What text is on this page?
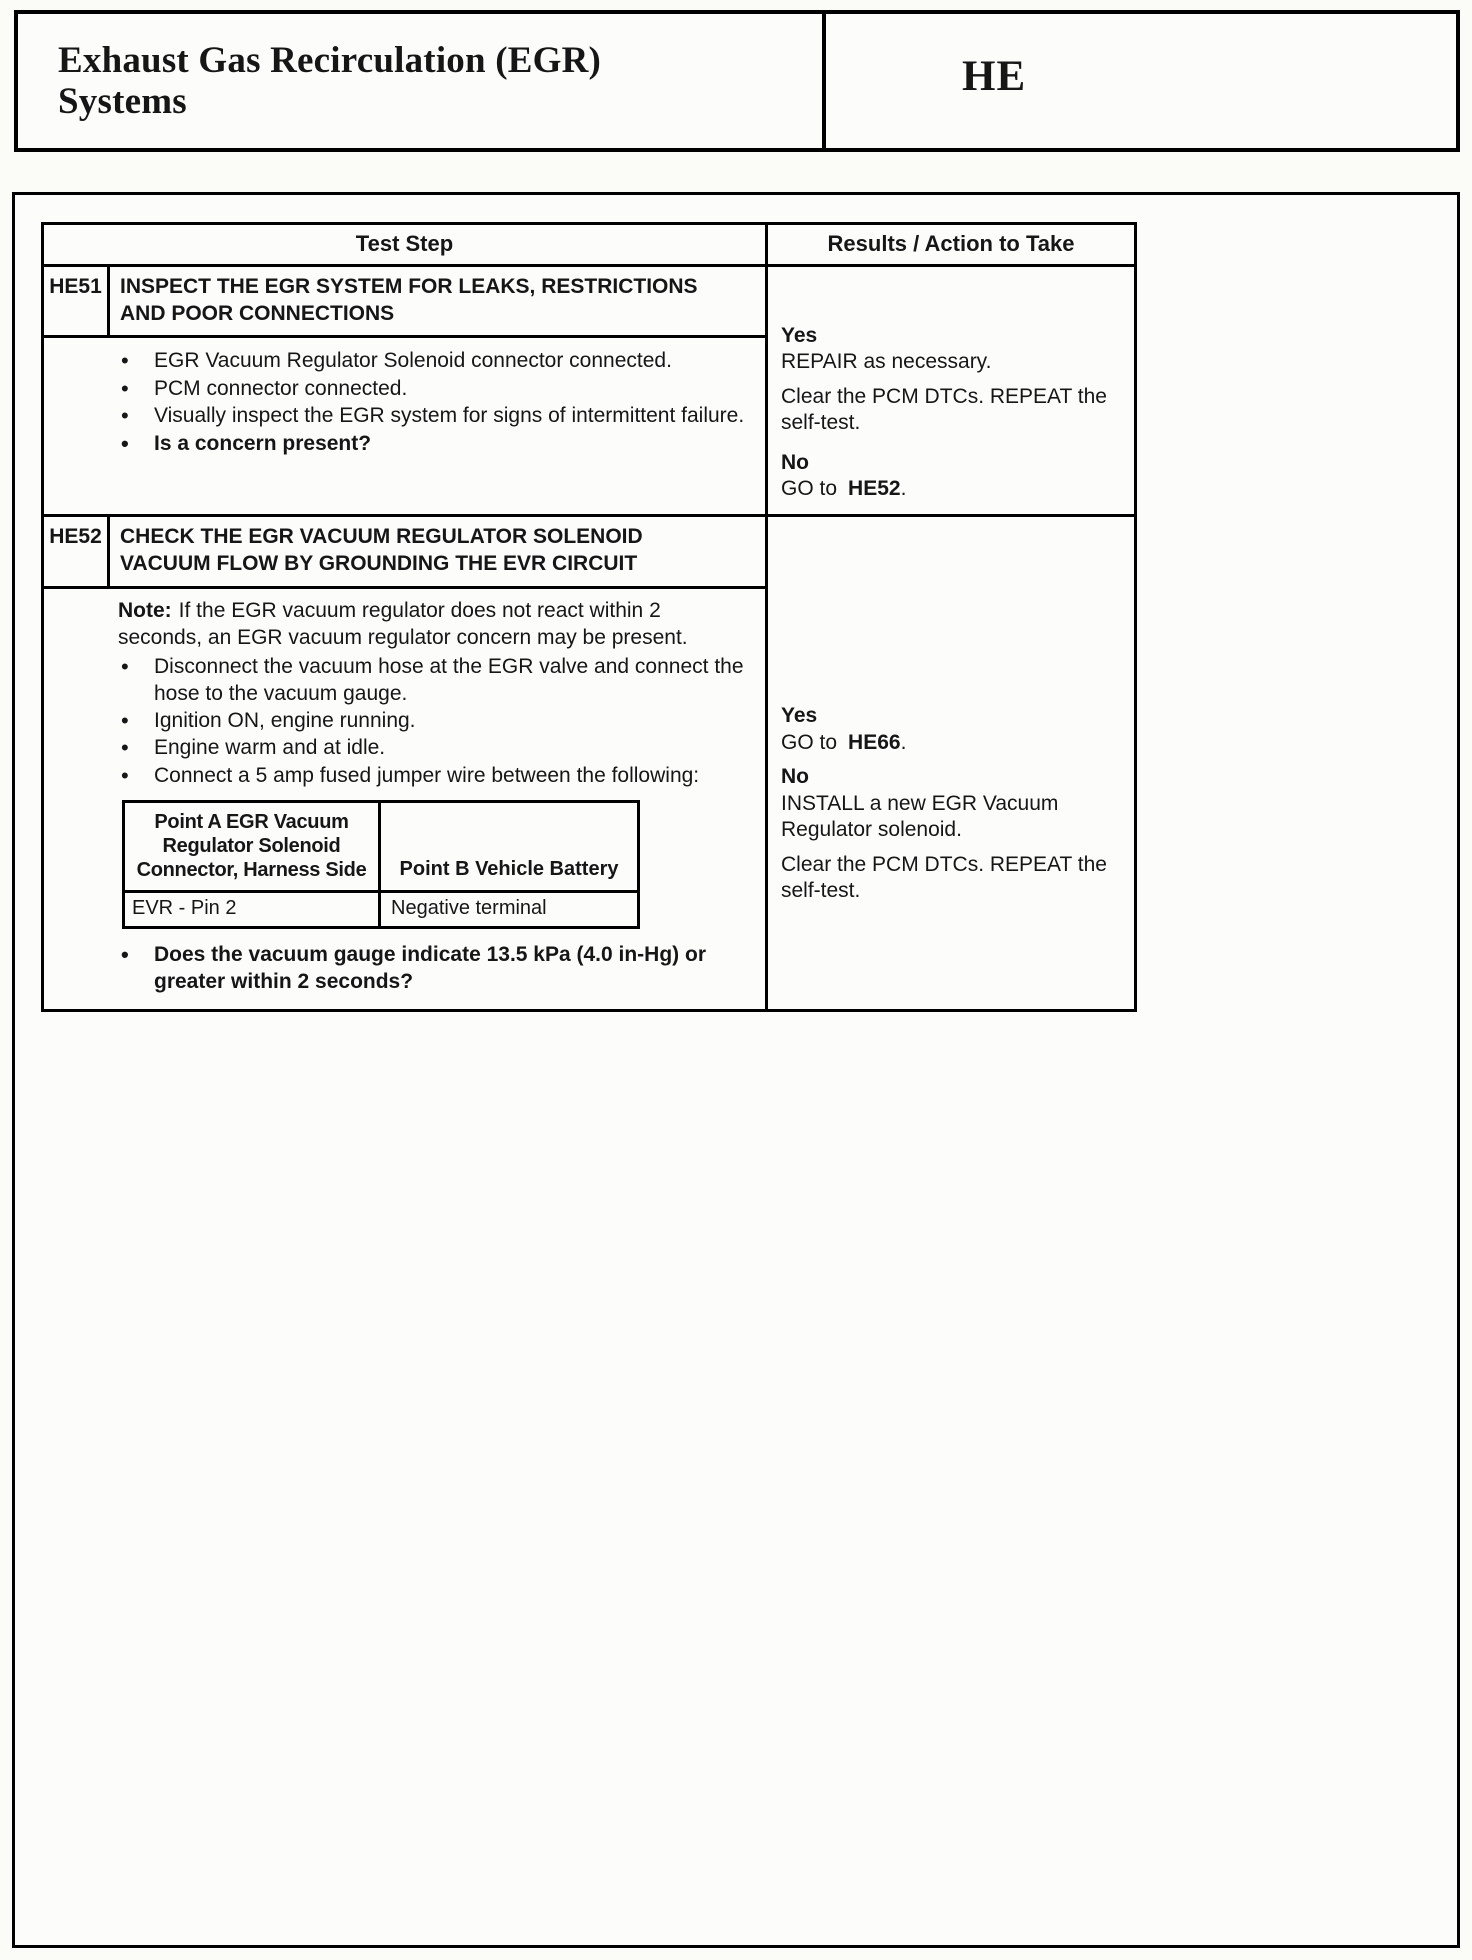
Exhaust Gas Recirculation (EGR) Systems
HE
Test Step	Results / Action to Take
HE51 INSPECT THE EGR SYSTEM FOR LEAKS, RESTRICTIONS AND POOR CONNECTIONS
• EGR Vacuum Regulator Solenoid connector connected.
• PCM connector connected.
• Visually inspect the EGR system for signs of intermittent failure.
• Is a concern present?

Yes

REPAIR as necessary.

Clear the PCM DTCs. REPEAT the self-test.

No

GO to HE52.

HE52 CHECK THE EGR VACUUM REGULATOR SOLENOID VACUUM FLOW BY GROUNDING THE EVR CIRCUIT

Note: If the EGR vacuum regulator does not react within 2 seconds, an EGR vacuum regulator concern may be present.

• Disconnect the vacuum hose at the EGR valve and connect the hose to the vacuum gauge.
• Ignition ON, engine running.
• Engine warm and at idle.
• Connect a 5 amp fused jumper wire between the following:
Point A EGR Vacuum Regulator Solenoid Connector, Harness Side	Point B Vehicle Battery
EVR - Pin 2	Negative terminal
• Does the vacuum gauge indicate 13.5 kPa (4.0 in-Hg) or greater within 2 seconds?

Yes

GO to HE66.

No

INSTALL a new EGR Vacuum Regulator solenoid.

Clear the PCM DTCs. REPEAT the self-test.
